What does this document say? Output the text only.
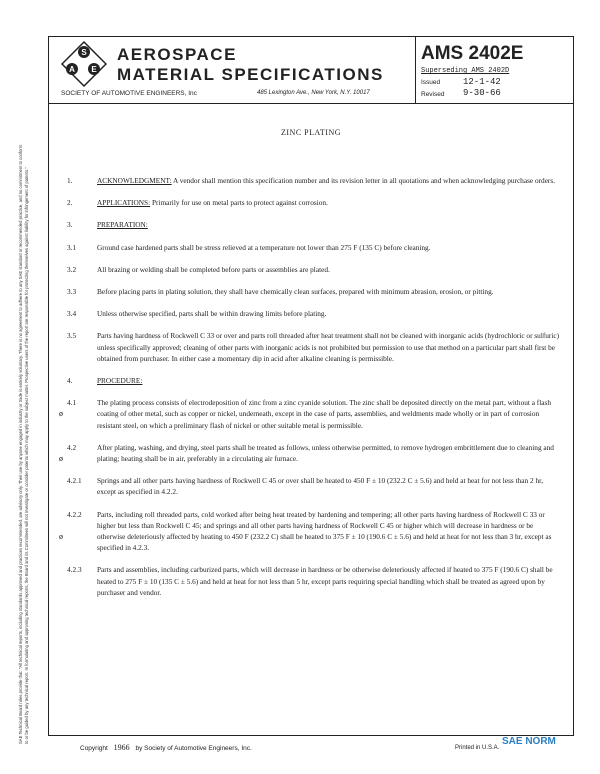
S
A E
AEROSPACE
MATERIAL SPECIFICATIONS
SOCIETY OF AUTOMOTIVE ENGINEERS, Inc	485 Lexington Ave., New York, N.Y. 10017
AMS 2402E
Superseding AMS 2402D
Issued	12-1-42
Revised 9-30-66
ZINC PLATING
1.	ACKNOWLEDGMENT: A vendor shall mention this specification number and its revision letter in all quotations and when acknowledging purchase orders.
2.	APPLICATIONS: Primarily for use on metal parts to protect against corrosion.
3.	PREPARATION:
3.1	Ground case hardened parts shall be stress relieved at a temperature not lower than 275 F (135 C) before cleaning.
3.2	All brazing or welding shall be completed before parts or assemblies are plated.
3.3	Before placing parts in plating solution, they shall have chemically clean surfaces, prepared with minimum abrasion, erosion, or pitting.
3.4	Unless otherwise specified, parts shall be within drawing limits before plating.
3.5	Parts having hardness of Rockwell C 33 or over and parts roll threaded after heat treatment shall not be cleaned with inorganic acids (hydrochloric or sulfuric) unless specifically approved; cleaning of other parts with inorganic acids is not prohibited but permission to use that method on a particular part shall first be obtained from purchaser. In either case a momentary dip in acid after alkaline cleaning is permissible.
4.	PROCEDURE:
ø
4.1	The plating process consists of electrodeposition of zinc from a zinc cyanide solution. The zinc shall be deposited directly on the metal part, without a flash coating of other metal, such as copper or nickel, underneath, except in the case of parts, assemblies, and weldments made wholly or in part of corrosion resistant steel, on which a preliminary flash of nickel or other suitable metal is permissible.
ø
4.2	After plating, washing, and drying, steel parts shall be treated as follows, unless otherwise permitted, to remove hydrogen embrittlement due to cleaning and plating; heating shall be in air, preferably in a circulating air furnace.
4.2.1	Springs and all other parts having hardness of Rockwell C 45 or over shall be heated to 450 F ± 10 (232.2 C ± 5.6) and held at heat for not less than 2 hr, except as specified in 4.2.2.
ø
4.2.2	Parts, including roll threaded parts, cold worked after being heat treated by hardening and tempering; all other parts having hardness of Rockwell C 33 or higher but less than Rockwell C 45; and springs and all other parts having hardness of Rockwell C 45 or higher which will decrease in hardness or be otherwise deleteriously affected by heating to 450 F (232.2 C) shall be heated to 375 F ± 10 (190.6 C ± 5.6) and held at heat for not less than 3 hr, except as specified in 4.2.3.
4.2.3	Parts and assemblies, including carburized parts, which will decrease in hardness or be otherwise deleteriously affected if heated to 375 F (190.6 C) shall be heated to 275 F ± 10 (135 C ± 5.6) and held at heat for not less than 5 hr, except parts requiring special handling which shall be treated as agreed upon by purchaser and vendor.
SAE Technical Board rules provide that: "All technical reports, including standards approved and practices recommended, are advisory only. Their use by anyone engaged in industry or trade is entirely voluntary. There is no agreement to adhere to any SAE standard or recommended practice, and no commitment to conform to or be guided by any technical report. In formulating and approving technical reports, the Board and its Committees will not investigate or consider patents which may apply to the subject matter. Prospective users of the report are responsible for protecting themselves against liability for infringement of patents."
Copyright 1966 by Society of Automotive Engineers, Inc.	Printed in U.S.A.
SAE NORM
